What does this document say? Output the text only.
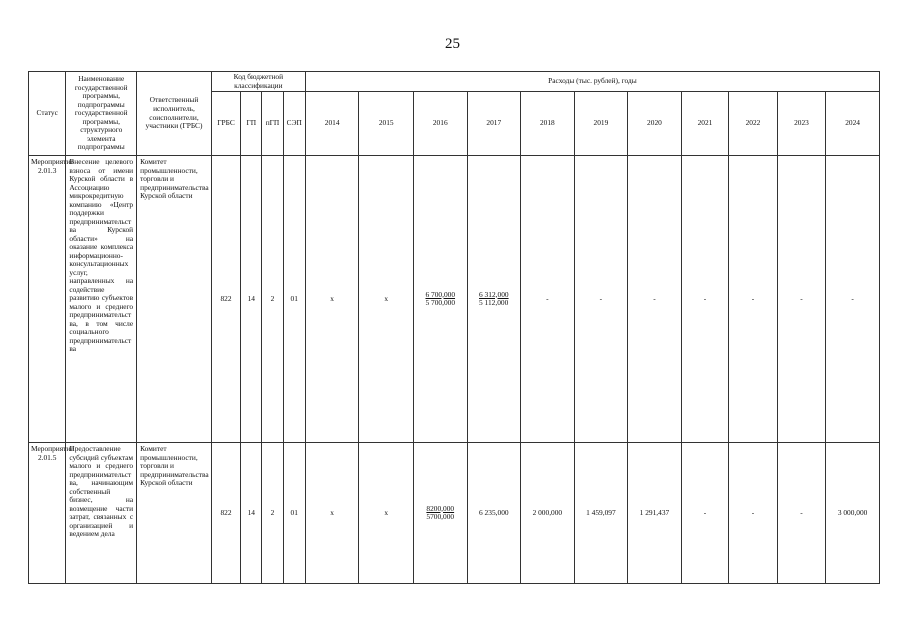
25
Статус	Наименование государственной программы, подпрограммы государственной программы, структурного элемента подпрограммы	Ответственный исполнитель, соисполнители, участники (ГРБС)	Код бюджетной классификации				Расходы (тыс. рублей), годы										
			ГРБС	ГП	пГП	СЭП	2014	2015	2016	2017	2018	2019	2020	2021	2022	2023	2024
Мероприятие 2.01.3	Внесение целевого взноса от имени Курской области в Ассоциацию микрокредитную компанию «Центр поддержки предпринимательства Курской области» на оказание комплекса информационно-консультационных услуг, направленных на содействие развитию субъектов малого и среднего предпринимательства, в том числе социального предпринимательства	Комитет промышленности, торговли и предпринимательства Курской области	822	14	2	01	x	x	$\frac{6 700,000}{5 700,000}$	$\frac{6 312,000}{5 112,000}$	-	-	-	-	-	-	-
Мероприятие 2.01.5	Предоставление субсидий субъектам малого и среднего предпринимательства, начинающим собственный бизнес, на возмещение части затрат, связанных с организацией и ведением дела	Комитет промышленности, торговли и предпринимательства Курской области	822	14	2	01	x	x	$\frac{8200,000}{5700,000}$	6 235,000	2 000,000	1 459,097	1 291,437	-	-	-	3 000,000
